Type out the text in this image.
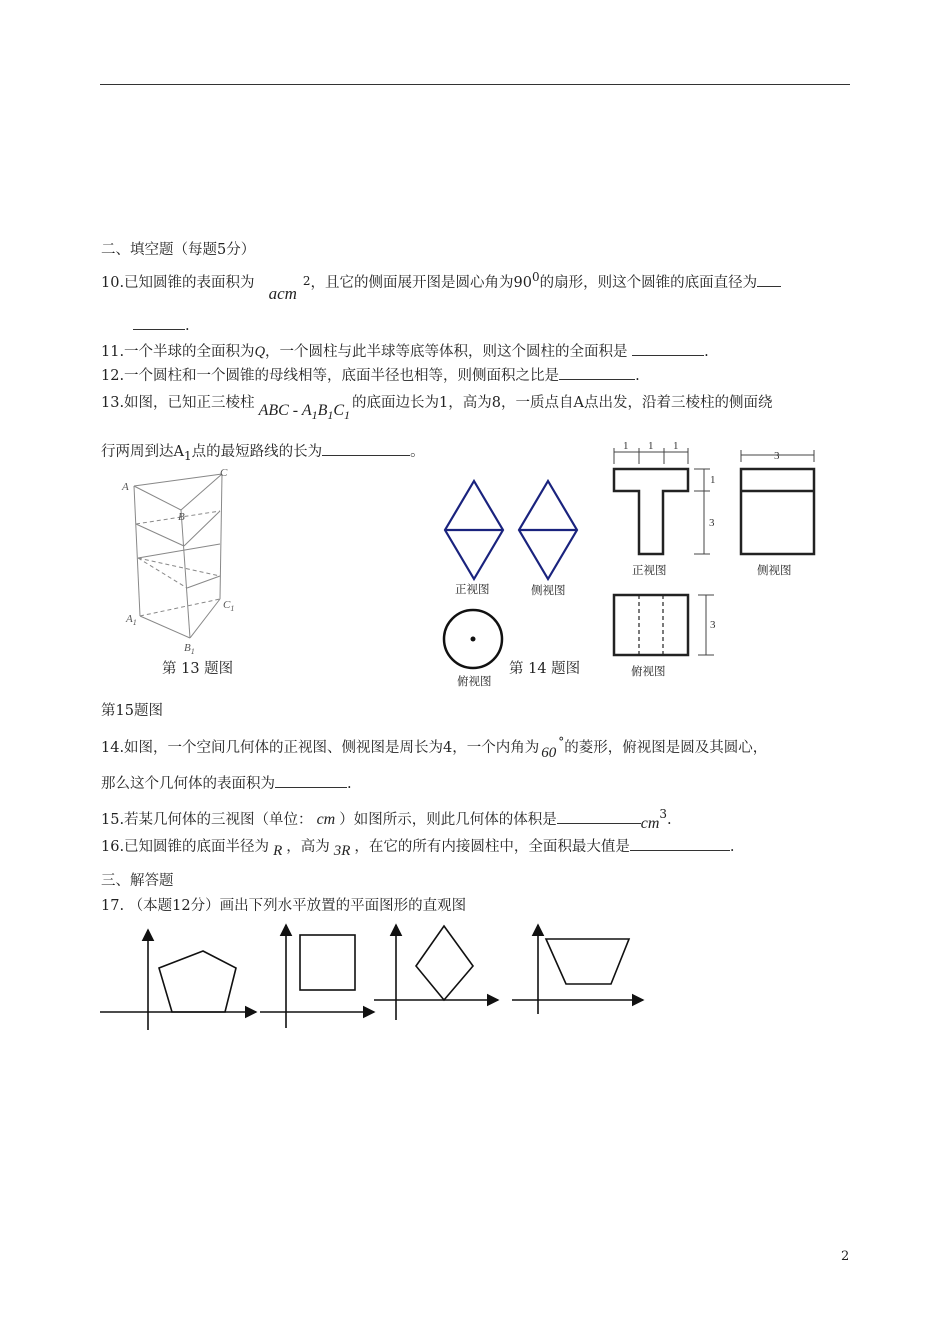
二、填空题（每题5分）
10.已知圆锥的表面积为acm$^2$，且它的侧面展开图是圆心角为$90^0$的扇形，则这个圆锥的底面直径为
.
11.一个半球的全面积为Q，一个圆柱与此半球等底等体积，则这个圆柱的全面积是	.
12.一个圆柱和一个圆锥的母线相等，底面半径也相等，则侧面积之比是	.
13.如图，已知正三棱柱 ABC - $A_1B_1C_1$的底面边长为1，高为8，一质点自A点出发，沿着三棱柱的侧面绕
行两周到达$A_1$点的最短路线的长为	。
A
B
C
$A_1$
$B_1$
$C_1$
第 13 题图
正视图	侧视图
俯视图
第 14 题图
1 1 1
3
1
3
3
正视图	侧视图
俯视图
第15题图
14.如图，一个空间几何体的正视图、侧视图是周长为4，一个内角为 60°的菱形，俯视图是圆及其圆心，
那么这个几何体的表面积为	.
15.若某几何体的三视图（单位： cm ）如图所示，则此几何体的体积是	$cm^3$.
16.已知圆锥的底面半径为 R ，高为 3R ，在它的所有内接圆柱中，全面积最大值是	.
三、解答题
17. （本题12分）画出下列水平放置的平面图形的直观图
2
